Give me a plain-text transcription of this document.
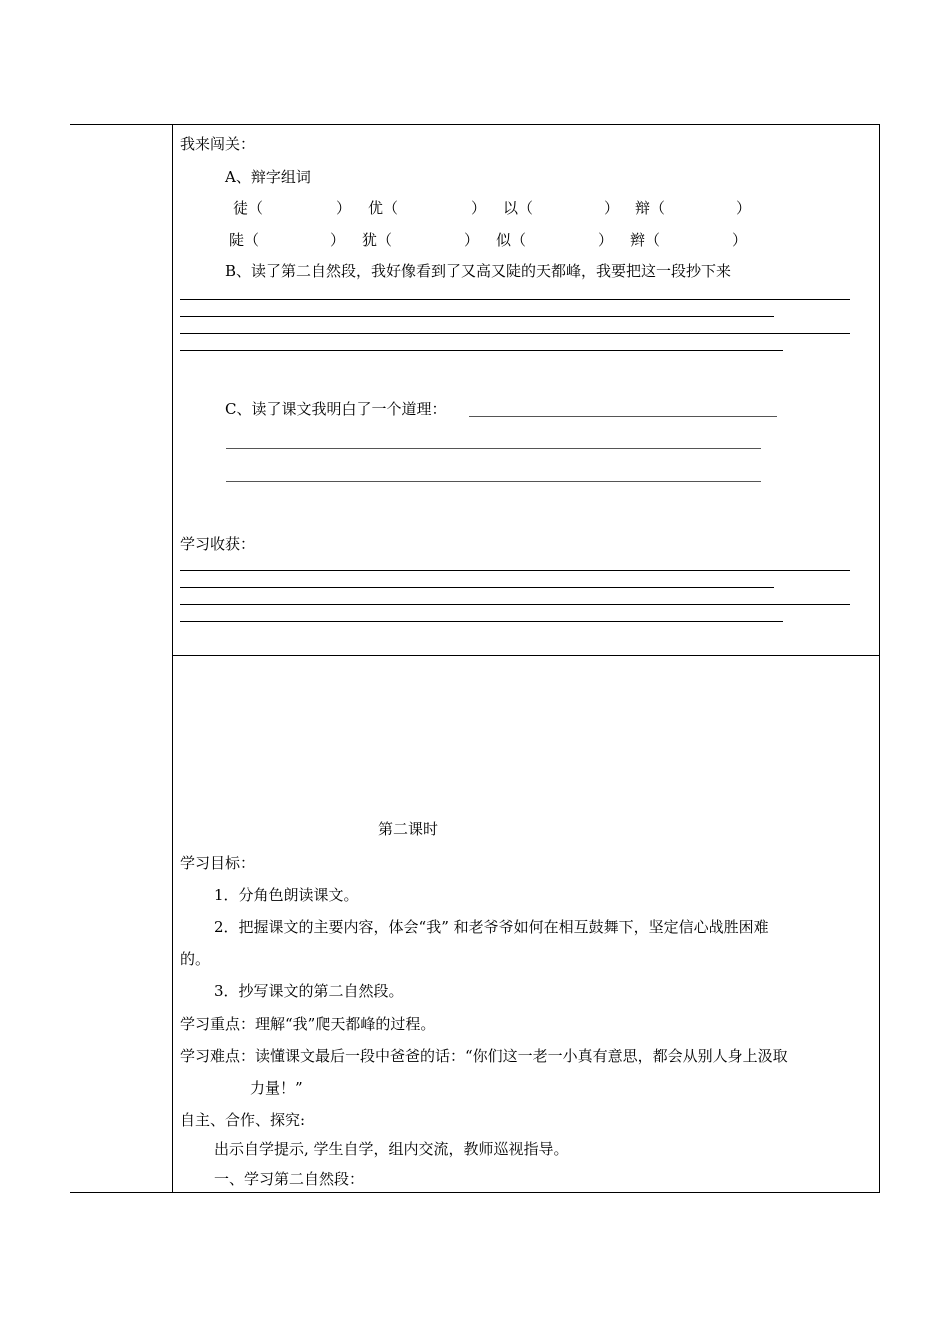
我来闯关：
A、辩字组词
徒（	） 优（	） 以（	） 辩（	）
陡（	） 犹（	） 似（	） 辫（	）
B、读了第二自然段，我好像看到了又高又陡的天都峰，我要把这一段抄下来
C、读了课文我明白了一个道理：
学习收获：
第二课时
学习目标：
1．分角色朗读课文。
2．把握课文的主要内容，体会“我” 和老爷爷如何在相互鼓舞下，坚定信心战胜困难
的。
3．抄写课文的第二自然段。
学习重点：理解“我”爬天都峰的过程。
学习难点：读懂课文最后一段中爸爸的话：“你们这一老一小真有意思，都会从别人身上汲取
力量！”
自主、合作、探究:
出示自学提示, 学生自学，组内交流，教师巡视指导。
一、学习第二自然段：
